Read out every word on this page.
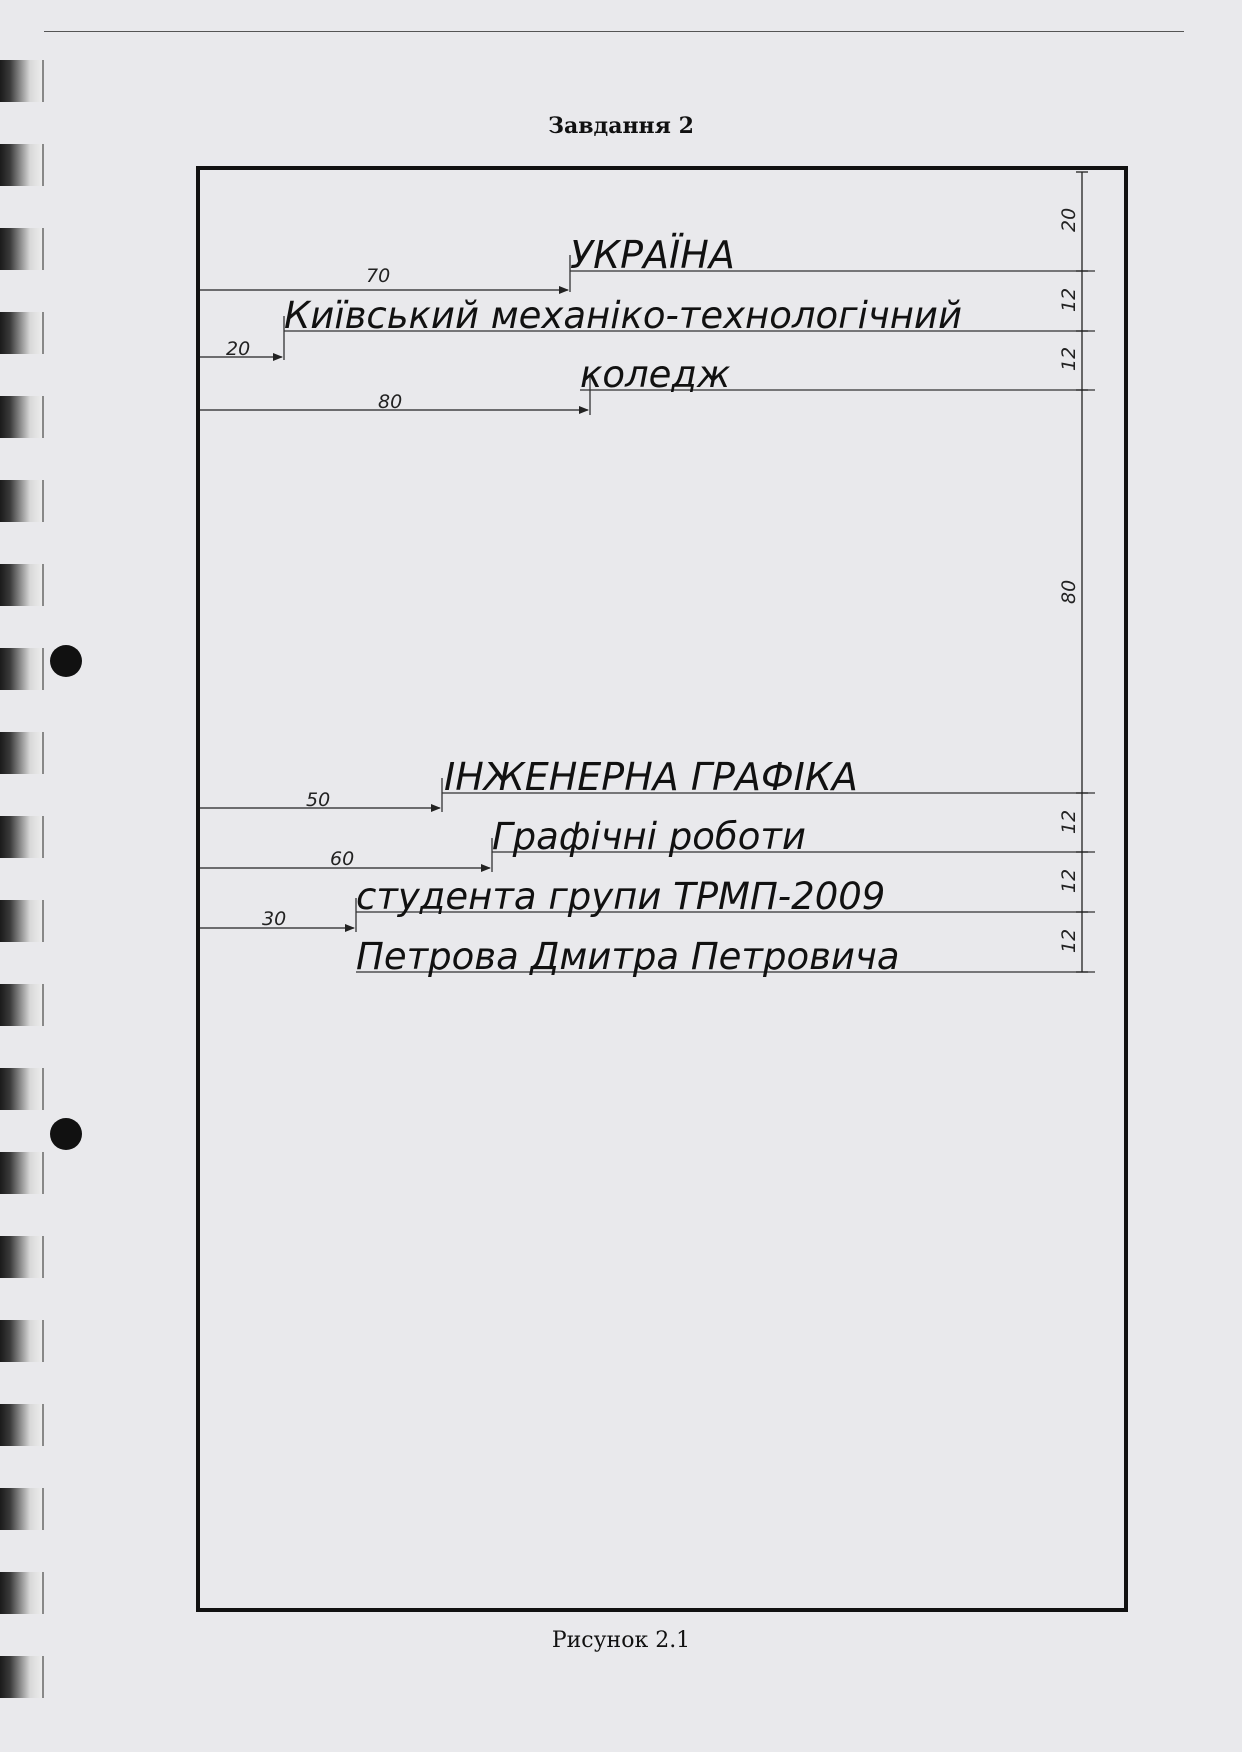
Завдання 2
УКРАЇНА
Київський механіко-технологічний
коледж
ІНЖЕНЕРНА ГРАФІКА
Графічні роботи
студента групи ТРМП-2009
Петрова Дмитра Петровича
70
20
80
50
60
30
20
12
12
80
12
12
12
Рисунок 2.1
